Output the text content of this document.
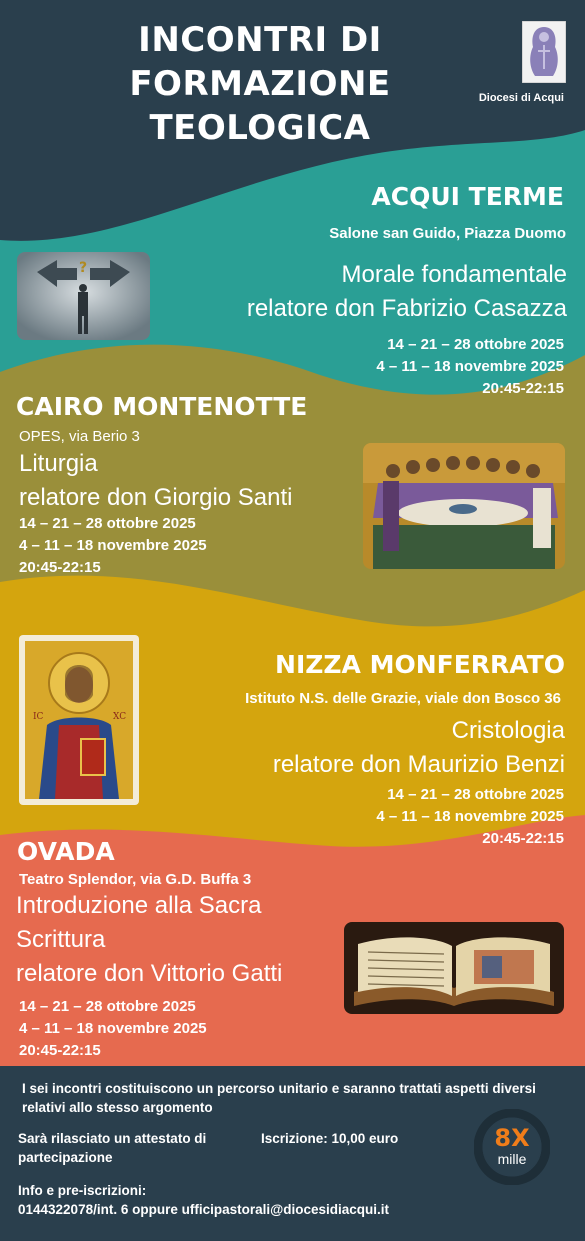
INCONTRI DI FORMAZIONE
TEOLOGICA
Diocesi di Acqui
ACQUI TERME
Salone san Guido, Piazza Duomo
Morale fondamentale
relatore don Fabrizio Casazza
14 – 21 – 28 ottobre 2025
4 – 11 – 18 novembre 2025
20:45-22:15
?
CAIRO MONTENOTTE
OPES, via Berio 3
Liturgia
relatore don Giorgio Santi
14 – 21 – 28 ottobre 2025
4 – 11 – 18 novembre 2025
20:45-22:15
NIZZA MONFERRATO
Istituto N.S. delle Grazie, viale don Bosco 36
Cristologia
relatore don Maurizio Benzi
14 – 21 – 28 ottobre 2025
4 – 11 – 18 novembre 2025
20:45-22:15
IC	XC
OVADA
Teatro Splendor, via G.D. Buffa 3
Introduzione alla Sacra
Scrittura
relatore don Vittorio Gatti
14 – 21 – 28 ottobre 2025
4 – 11 – 18 novembre 2025
20:45-22:15
I sei incontri costituiscono un percorso unitario e saranno trattati aspetti diversi relativi allo stesso argomento
Sarà rilasciato un attestato di
partecipazione
Iscrizione: 10,00 euro
Info e pre-iscrizioni:
0144322078/int. 6 oppure ufficipastorali@diocesidiacqui.it
8X
mille
